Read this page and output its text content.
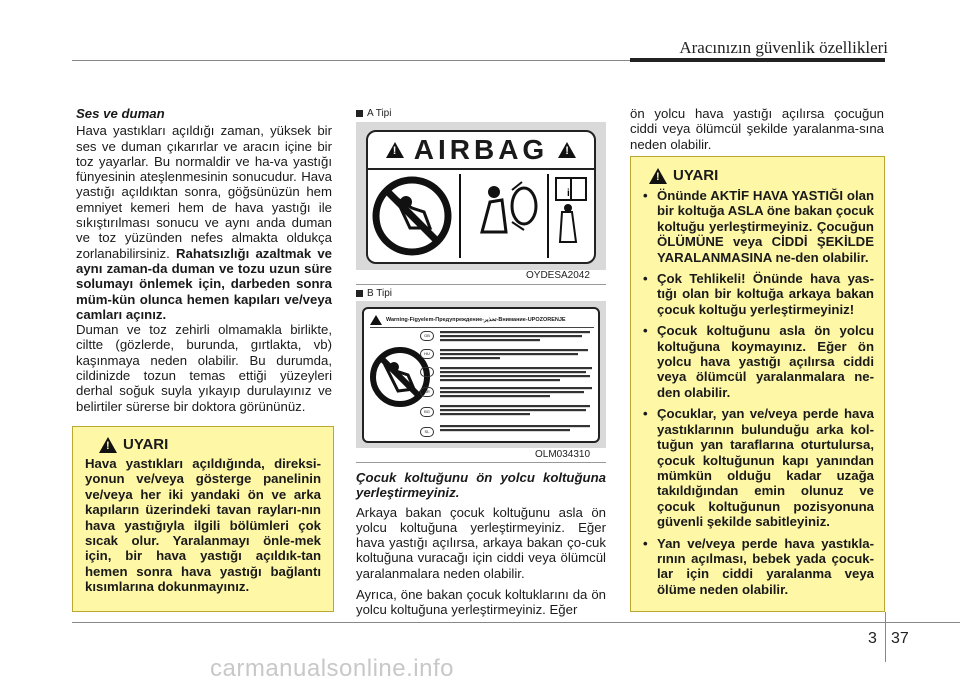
Aracınızın güvenlik özellikleri

Ses ve duman

Hava yastıkları açıldığı zaman, yüksek bir ses ve duman çıkarırlar ve aracın içine bir toz yayarlar. Bu normaldir ve ha-va yastığı fünyesinin ateşlenmesinin sonucudur. Hava yastığı açıldıktan sonra, göğsünüzün hem emniyet kemeri hem de hava yastığı ile sıkıştırılması sonucu ve aynı anda duman ve toz yüzünden nefes almakta oldukça zorlanabilirsiniz. Rahatsızlığı azaltmak ve aynı zaman-da duman ve tozu uzun süre solumayı önlemek için, darbeden sonra müm-kün olunca hemen kapıları ve/veya camları açınız.

Duman ve toz zehirli olmamakla birlikte, ciltte (gözlerde, burunda, gırtlakta, vb) kaşınmaya neden olabilir. Bu durumda, cildinizde tozun temas ettiği yüzeyleri derhal soğuk suyla yıkayıp durulayınız ve belirtiler sürerse bir doktora görününüz.

! UYARI
Hava yastıkları açıldığında, direksi-yonun ve/veya gösterge panelinin ve/veya her iki yandaki ön ve arka kapıların üzerindeki tavan rayları-nın hava yastığıyla ilgili bölümleri çok sıcak olur. Yaralanmayı önle-mek için, bir hava yastığı açıldık-tan hemen sonra hava yastığı bağlantı kısımlarına dokunmayınız.
A Tipi
! AIRBAG !
i
OYDESA2042
B Tipi
Warning-Figyelem-Предупреждение-تحذير-Внимание-UPOZORENJE
GB
HU
RU
AR
BG
SL
OLM034310

Çocuk koltuğunu ön yolcu koltuğuna yerleştirmeyiniz.

Arkaya bakan çocuk koltuğunu asla ön yolcu koltuğuna yerleştirmeyiniz. Eğer hava yastığı açılırsa, arkaya bakan ço-cuk koltuğuna vuracağı için ciddi veya ölümcül yaralanmalara neden olabilir.

Ayrıca, öne bakan çocuk koltuklarını da ön yolcu koltuğuna yerleştirmeyiniz. Eğer

ön yolcu hava yastığı açılırsa çocuğun ciddi veya ölümcül şekilde yaralanma-sına neden olabilir.

! UYARI
• Önünde AKTİF HAVA YASTIĞI olan bir koltuğa ASLA öne bakan çocuk koltuğu yerleştirmeyiniz. Çocuğun ÖLÜMÜNE veya CİDDİ ŞEKİLDE YARALANMASINA ne-den olabilir.
• Çok Tehlikeli! Önünde hava yas-tığı olan bir koltuğa arkaya bakan çocuk koltuğu yerleştirmeyiniz!
• Çocuk koltuğunu asla ön yolcu koltuğuna koymayınız. Eğer ön yolcu hava yastığı açılırsa ciddi veya ölümcül yaralanmalara ne-den olabilir.
• Çocuklar, yan ve/veya perde hava yastıklarının bulunduğu arka kol-tuğun yan taraflarına oturtulursa, çocuk koltuğunun kapı yanından mümkün olduğu kadar uzağa takıldığından emin olunuz ve çocuk koltuğunun pozisyonuna güvenli şekilde sabitleyiniz.
• Yan ve/veya perde hava yastıkla-rının açılması, bebek yada çocuk-lar için ciddi yaralanma veya ölüme neden olabilir.
3 37
carmanualsonline.info
